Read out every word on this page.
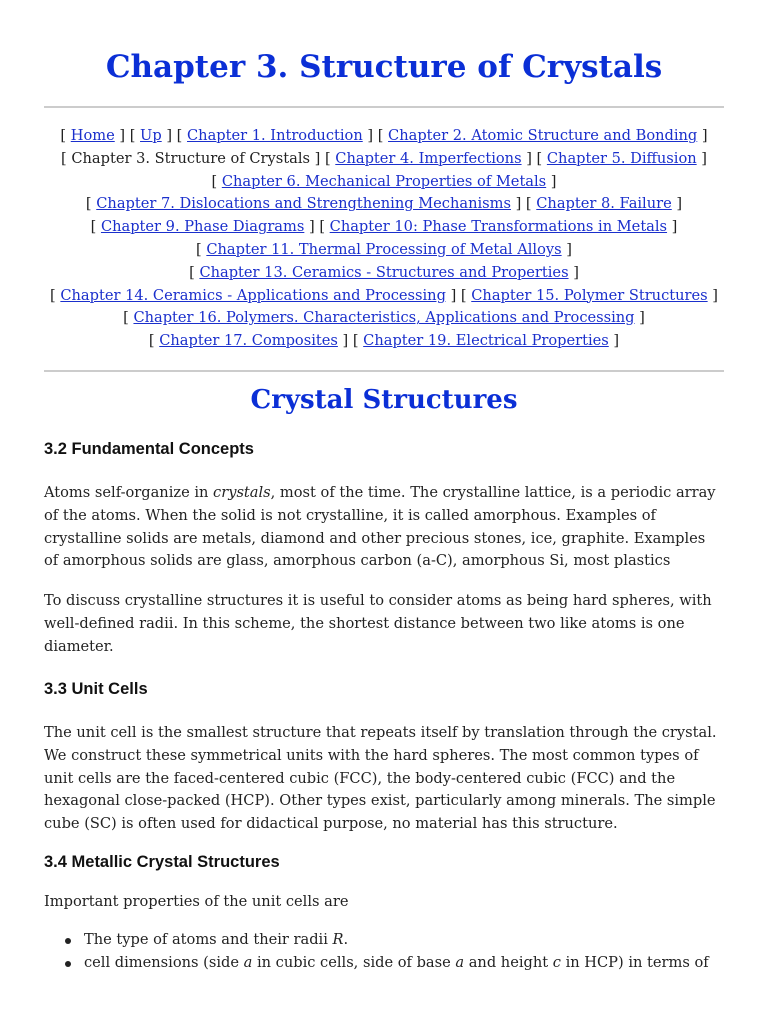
Chapter 3. Structure of Crystals
[ Home ] [ Up ] [ Chapter 1. Introduction ] [ Chapter 2. Atomic Structure and Bonding ]
[ Chapter 3. Structure of Crystals ] [ Chapter 4. Imperfections ] [ Chapter 5. Diffusion ]
[ Chapter 6. Mechanical Properties of Metals ]
[ Chapter 7. Dislocations and Strengthening Mechanisms ] [ Chapter 8. Failure ]
[ Chapter 9. Phase Diagrams ] [ Chapter 10: Phase Transformations in Metals ]
[ Chapter 11. Thermal Processing of Metal Alloys ]
[ Chapter 13. Ceramics - Structures and Properties ]
[ Chapter 14. Ceramics - Applications and Processing ] [ Chapter 15. Polymer Structures ]
[ Chapter 16. Polymers. Characteristics, Applications and Processing ]
[ Chapter 17. Composites ] [ Chapter 19. Electrical Properties ]
Crystal Structures
3.2 Fundamental Concepts

Atoms self-organize in crystals, most of the time. The crystalline lattice, is a periodic array of the atoms. When the solid is not crystalline, it is called amorphous. Examples of crystalline solids are metals, diamond and other precious stones, ice, graphite. Examples of amorphous solids are glass, amorphous carbon (a-C), amorphous Si, most plastics

To discuss crystalline structures it is useful to consider atoms as being hard spheres, with well-defined radii. In this scheme, the shortest distance between two like atoms is one diameter.

3.3 Unit Cells

The unit cell is the smallest structure that repeats itself by translation through the crystal. We construct these symmetrical units with the hard spheres. The most common types of unit cells are the faced-centered cubic (FCC), the body-centered cubic (FCC) and the hexagonal close-packed (HCP). Other types exist, particularly among minerals. The simple cube (SC) is often used for didactical purpose, no material has this structure.

3.4 Metallic Crystal Structures

Important properties of the unit cells are

The type of atoms and their radii R.
cell dimensions (side a in cubic cells, side of base a and height c in HCP) in terms of
